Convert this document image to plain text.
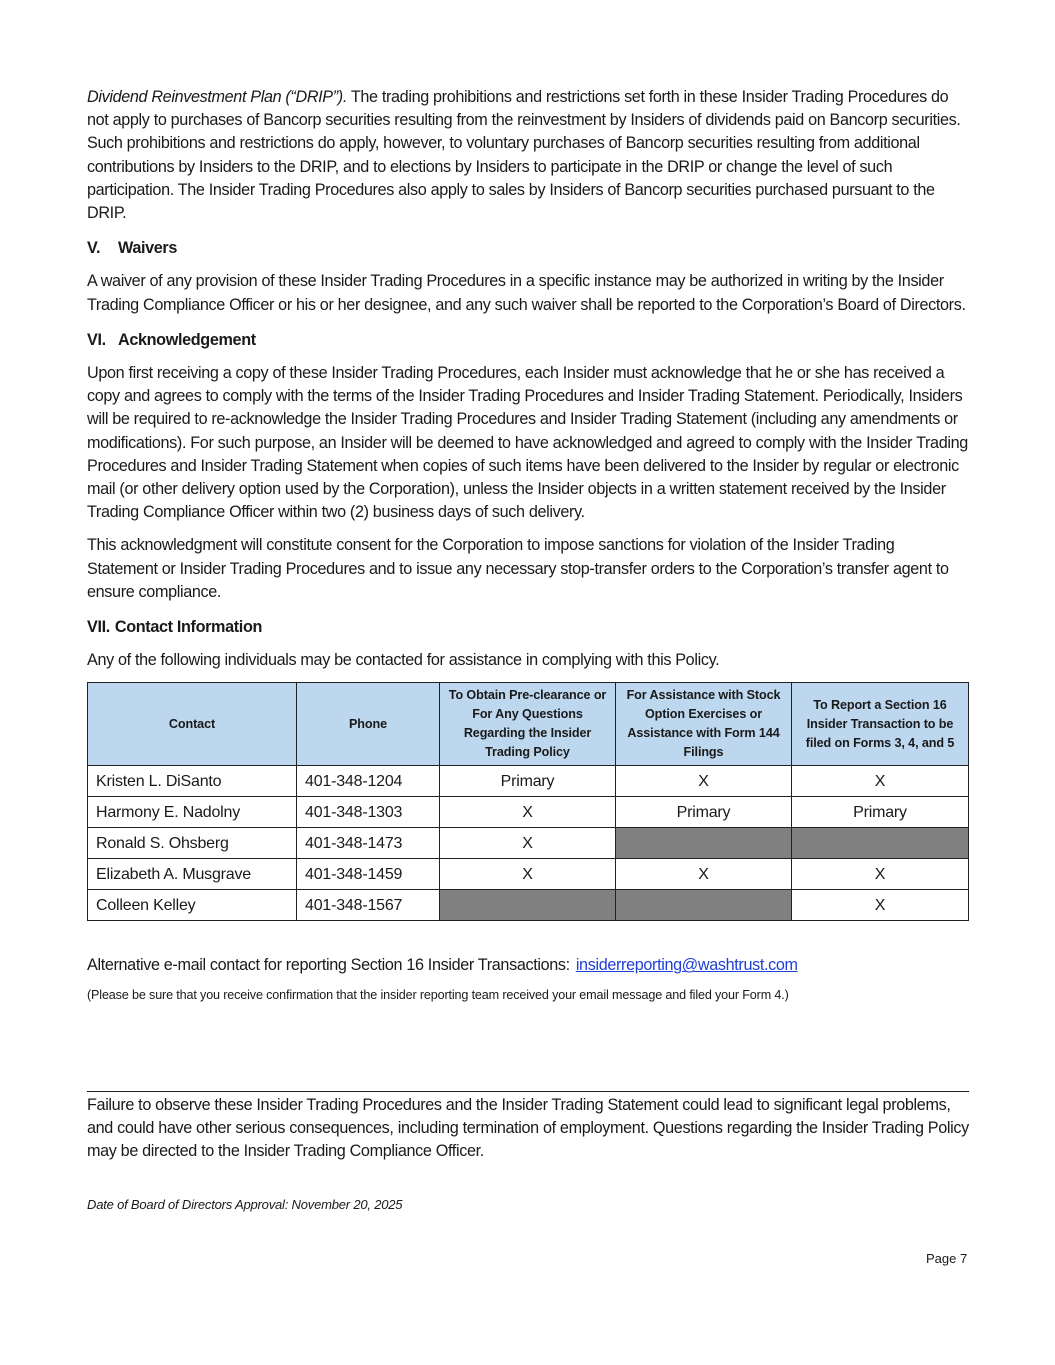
Dividend Reinvestment Plan (“DRIP”). The trading prohibitions and restrictions set forth in these Insider Trading Procedures do not apply to purchases of Bancorp securities resulting from the reinvestment by Insiders of dividends paid on Bancorp securities. Such prohibitions and restrictions do apply, however, to voluntary purchases of Bancorp securities resulting from additional contributions by Insiders to the DRIP, and to elections by Insiders to participate in the DRIP or change the level of such participation. The Insider Trading Procedures also apply to sales by Insiders of Bancorp securities purchased pursuant to the DRIP.

V. Waivers

A waiver of any provision of these Insider Trading Procedures in a specific instance may be authorized in writing by the Insider Trading Compliance Officer or his or her designee, and any such waiver shall be reported to the Corporation’s Board of Directors.

VI. Acknowledgement

Upon first receiving a copy of these Insider Trading Procedures, each Insider must acknowledge that he or she has received a copy and agrees to comply with the terms of the Insider Trading Procedures and Insider Trading Statement. Periodically, Insiders will be required to re-acknowledge the Insider Trading Procedures and Insider Trading Statement (including any amendments or modifications). For such purpose, an Insider will be deemed to have acknowledged and agreed to comply with the Insider Trading Procedures and Insider Trading Statement when copies of such items have been delivered to the Insider by regular or electronic mail (or other delivery option used by the Corporation), unless the Insider objects in a written statement received by the Insider Trading Compliance Officer within two (2) business days of such delivery.

This acknowledgment will constitute consent for the Corporation to impose sanctions for violation of the Insider Trading Statement or Insider Trading Procedures and to issue any necessary stop-transfer orders to the Corporation’s transfer agent to ensure compliance.

VII. Contact Information

Any of the following individuals may be contacted for assistance in complying with this Policy.

Contact	Phone	To Obtain Pre-clearance or For Any Questions Regarding the Insider Trading Policy	For Assistance with Stock Option Exercises or Assistance with Form 144 Filings	To Report a Section 16 Insider Transaction to be filed on Forms 3, 4, and 5
Kristen L. DiSanto	401-348-1204	Primary	X	X
Harmony E. Nadolny	401-348-1303	X	Primary	Primary
Ronald S. Ohsberg	401-348-1473	X		
Elizabeth A. Musgrave	401-348-1459	X	X	X
Colleen Kelley	401-348-1567			X

Alternative e-mail contact for reporting Section 16 Insider Transactions: insiderreporting@washtrust.com

(Please be sure that you receive confirmation that the insider reporting team received your email message and filed your Form 4.)

Failure to observe these Insider Trading Procedures and the Insider Trading Statement could lead to significant legal problems, and could have other serious consequences, including termination of employment. Questions regarding the Insider Trading Policy may be directed to the Insider Trading Compliance Officer.

Date of Board of Directors Approval: November 20, 2025

Page 7
